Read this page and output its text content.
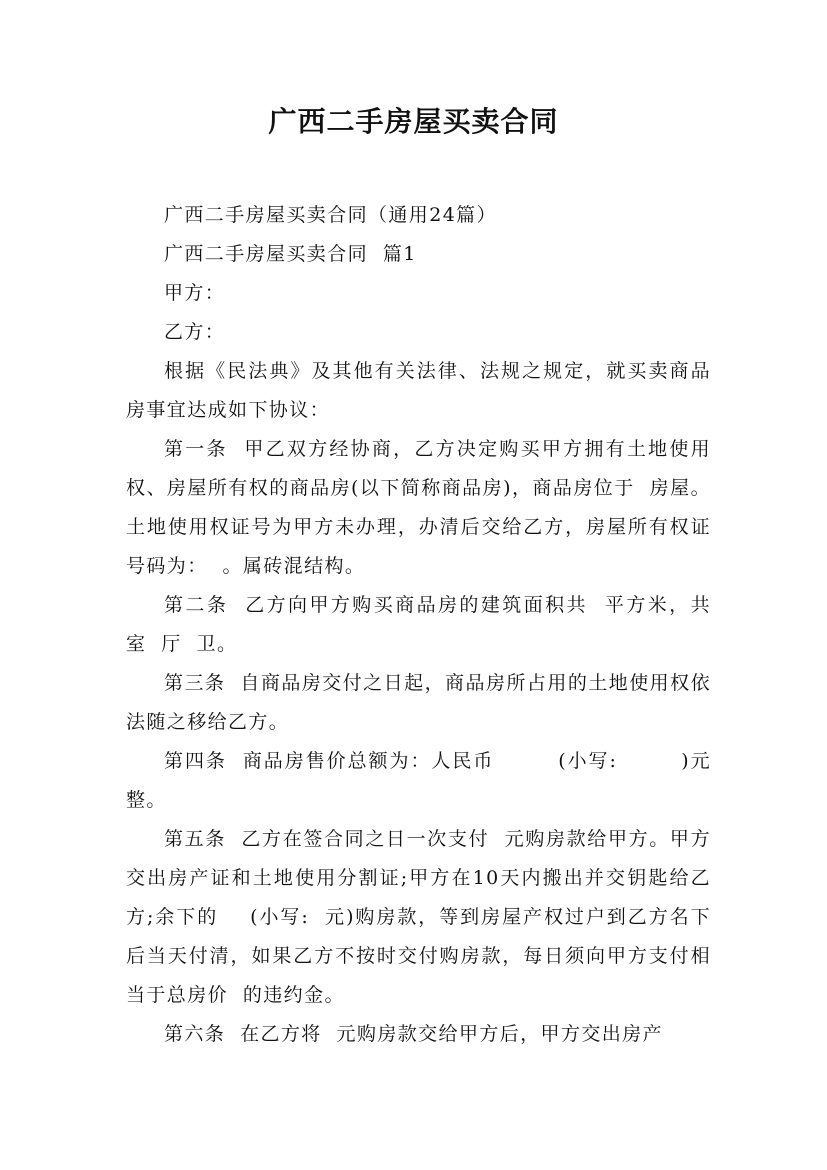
广西二手房屋买卖合同

广西二手房屋买卖合同（通用24篇）

广西二手房屋买卖合同  篇1

甲方：

乙方：

根据《民法典》及其他有关法律、法规之规定，就买卖商品房事宜达成如下协议：

第一条  甲乙双方经协商，乙方决定购买甲方拥有土地使用权、房屋所有权的商品房(以下简称商品房)，商品房位于  房屋。土地使用权证号为甲方未办理，办清后交给乙方，房屋所有权证号码为：  。属砖混结构。

第二条  乙方向甲方购买商品房的建筑面积共  平方米，共  室  厅  卫。

第三条  自商品房交付之日起，商品房所占用的土地使用权依法随之移给乙方。

第四条  商品房售价总额为：人民币        (小写:        )元整。

第五条  乙方在签合同之日一次支付  元购房款给甲方。甲方交出房产证和土地使用分割证;甲方在10天内搬出并交钥匙给乙方;余下的    (小写:  元)购房款，等到房屋产权过户到乙方名下后当天付清，如果乙方不按时交付购房款，每日须向甲方支付相当于总房价  的违约金。

第六条  在乙方将  元购房款交给甲方后，甲方交出房产
